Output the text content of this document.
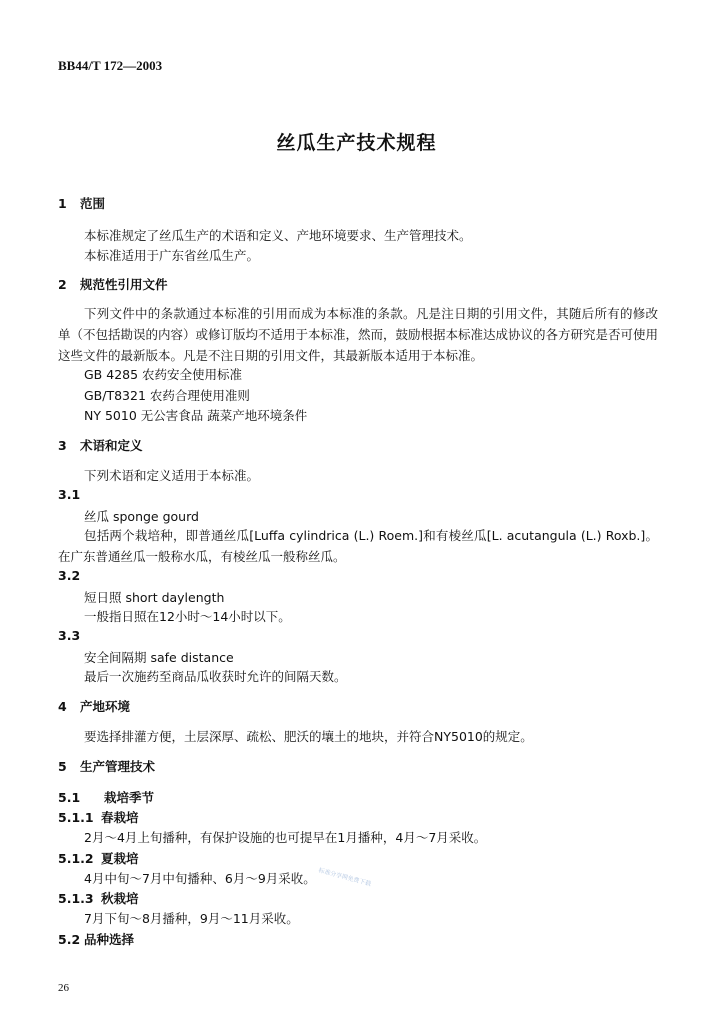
BB44/T 172—2003
丝瓜生产技术规程
1 范围
本标准规定了丝瓜生产的术语和定义、产地环境要求、生产管理技术。
本标准适用于广东省丝瓜生产。
2 规范性引用文件
下列文件中的条款通过本标准的引用而成为本标准的条款。凡是注日期的引用文件，其随后所有的修改单（不包括勘误的内容）或修订版均不适用于本标准，然而，鼓励根据本标准达成协议的各方研究是否可使用这些文件的最新版本。凡是不注日期的引用文件，其最新版本适用于本标准。
GB 4285 农药安全使用标准
GB/T8321 农药合理使用准则
NY 5010 无公害食品 蔬菜产地环境条件
3 术语和定义
下列术语和定义适用于本标准。
3.1
丝瓜 sponge gourd
包括两个栽培种，即普通丝瓜[Luffa cylindrica (L.) Roem.]和有棱丝瓜[L. acutangula (L.) Roxb.]。在广东普通丝瓜一般称水瓜，有棱丝瓜一般称丝瓜。
3.2
短日照 short daylength
一般指日照在12小时～14小时以下。
3.3
安全间隔期 safe distance
最后一次施药至商品瓜收获时允许的间隔天数。
4 产地环境
要选择排灌方便，土层深厚、疏松、肥沃的壤土的地块，并符合NY5010的规定。
5 生产管理技术
5.1 栽培季节
5.1.1 春栽培
2月～4月上旬播种，有保护设施的也可提早在1月播种，4月～7月采收。
5.1.2 夏栽培
4月中旬～7月中旬播种、6月～9月采收。
5.1.3 秋栽培
7月下旬～8月播种，9月～11月采收。
5.2 品种选择
标准分享网免费下载
26
